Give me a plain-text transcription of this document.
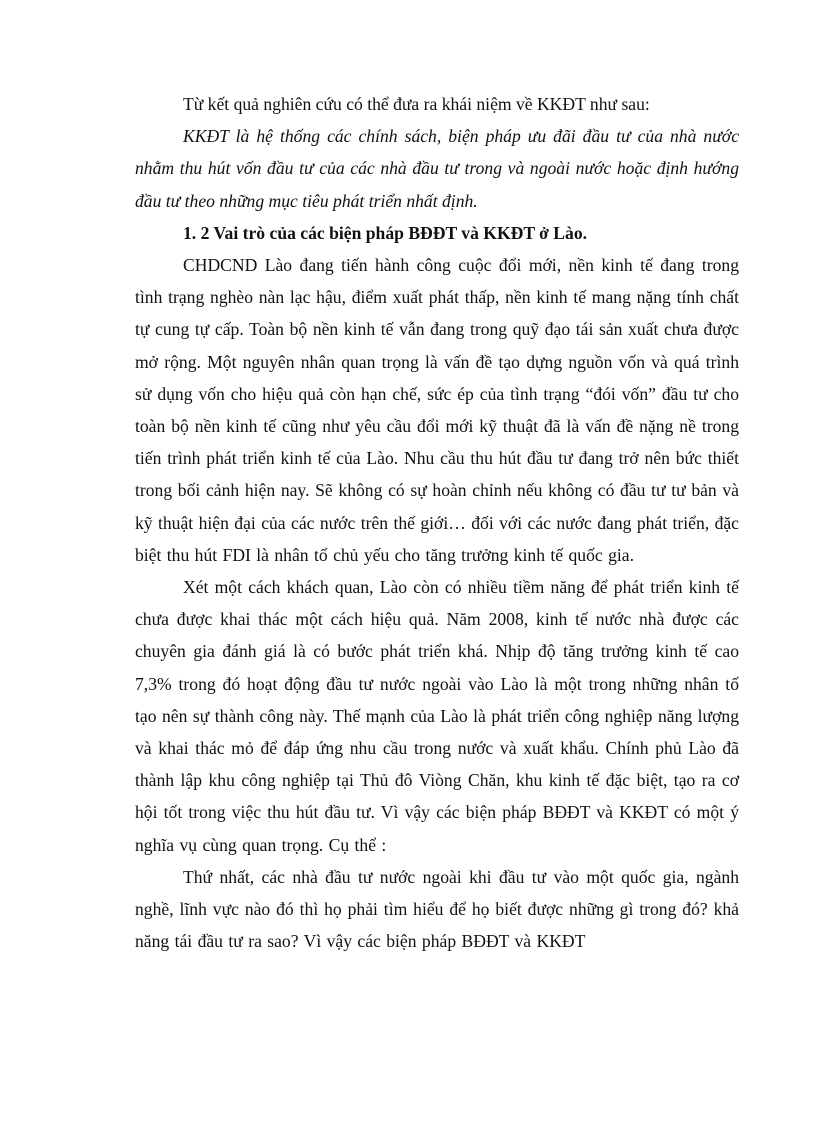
Từ kết quả nghiên cứu có thể đưa ra khái niệm về KKĐT như sau:

KKĐT là hệ thống các chính sách, biện pháp ưu đãi đầu tư của nhà nước nhằm thu hút vốn đầu tư của các nhà đầu tư trong và ngoài nước hoặc định hướng đầu tư theo những mục tiêu phát triển nhất định.

1. 2 Vai trò của các biện pháp BĐĐT và KKĐT ở Lào.

CHDCND Lào đang tiến hành công cuộc đổi mới, nền kinh tế đang trong tình trạng nghèo nàn lạc hậu, điểm xuất phát thấp, nền kinh tế mang nặng tính chất tự cung tự cấp. Toàn bộ nền kinh tế vẫn đang trong quỹ đạo tái sản xuất chưa được mở rộng. Một nguyên nhân quan trọng là vấn đề tạo dựng nguồn vốn và quá trình sử dụng vốn cho hiệu quả còn hạn chế, sức ép của tình trạng “đói vốn” đầu tư cho toàn bộ nền kinh tế cũng như yêu cầu đổi mới kỹ thuật đã là vấn đề nặng nề trong tiến trình phát triển kinh tế của Lào. Nhu cầu thu hút đầu tư đang trở nên bức thiết trong bối cảnh hiện nay. Sẽ không có sự hoàn chỉnh nếu không có đầu tư tư bản và kỹ thuật hiện đại của các nước trên thế giới… đối với các nước đang phát triển, đặc biệt thu hút FDI là nhân tố chủ yếu cho tăng trưởng kinh tế quốc gia.

Xét một cách khách quan, Lào còn có nhiều tiềm năng để phát triển kinh tế chưa được khai thác một cách hiệu quả. Năm 2008, kinh tế nước nhà được các chuyên gia đánh giá là có bước phát triển khá. Nhịp độ tăng trưởng kinh tế cao 7,3% trong đó hoạt động đầu tư nước ngoài vào Lào là một trong những nhân tố tạo nên sự thành công này. Thế mạnh của Lào là phát triển công nghiệp năng lượng và khai thác mỏ để đáp ứng nhu cầu trong nước và xuất khẩu. Chính phủ Lào đã thành lập khu công nghiệp tại Thủ đô Viòng Chăn, khu kinh tế đặc biệt, tạo ra cơ hội tốt trong việc thu hút đầu tư. Vì vậy các biện pháp BĐĐT và KKĐT có một ý nghĩa vụ cùng quan trọng. Cụ thể :

Thứ nhất, các nhà đầu tư nước ngoài khi đầu tư vào một quốc gia, ngành nghề, lĩnh vực nào đó thì họ phải tìm hiểu để họ biết được những gì trong đó? khả năng tái đầu tư ra sao? Vì vậy các biện pháp BĐĐT và KKĐT
